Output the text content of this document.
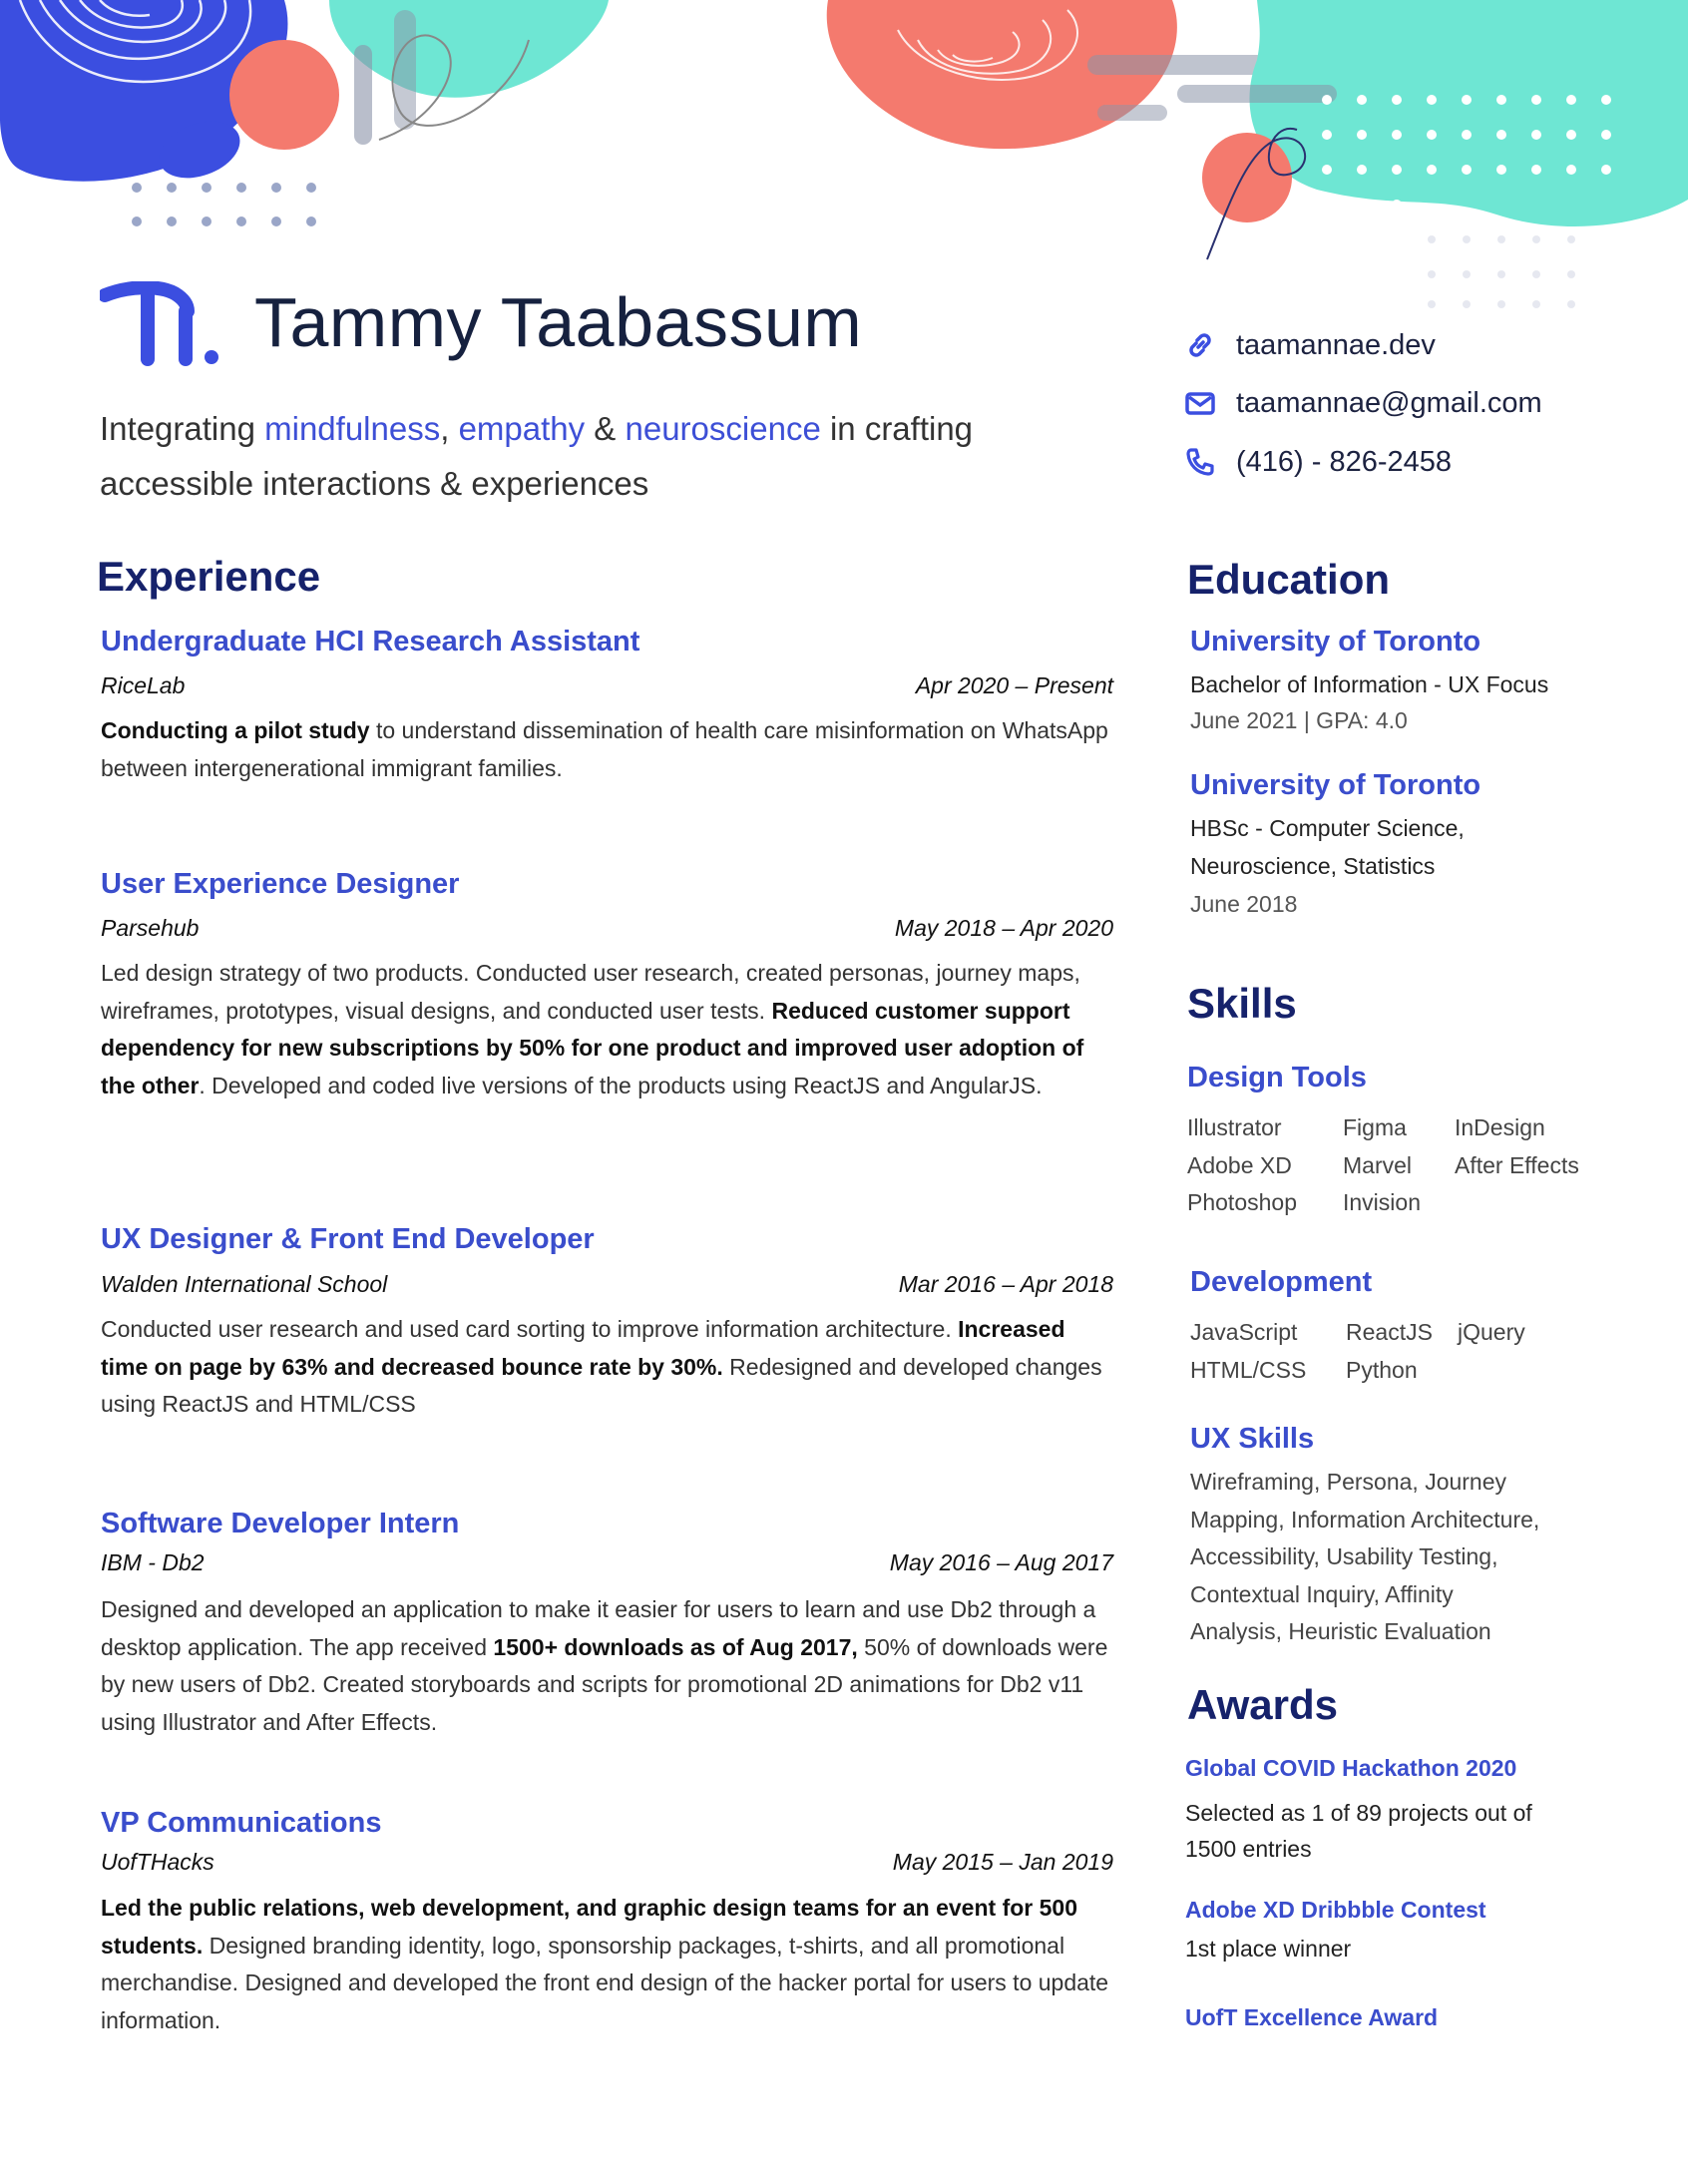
Tammy Taabassum
Integrating mindfulness, empathy & neuroscience in crafting accessible interactions & experiences
taamannae.dev
taamannae@gmail.com
(416) - 826-2458
Experience
Undergraduate HCI Research Assistant
RiceLab	Apr 2020 – Present
Conducting a pilot study to understand dissemination of health care misinformation on WhatsApp between intergenerational immigrant families.
User Experience Designer
Parsehub	May 2018 – Apr 2020
Led design strategy of two products. Conducted user research, created personas, journey maps, wireframes, prototypes, visual designs, and conducted user tests. Reduced customer support dependency for new subscriptions by 50% for one product and improved user adoption of the other. Developed and coded live versions of the products using ReactJS and AngularJS.
UX Designer & Front End Developer
Walden International School	Mar 2016 – Apr 2018
Conducted user research and used card sorting to improve information architecture. Increased time on page by 63% and decreased bounce rate by 30%. Redesigned and developed changes using ReactJS and HTML/CSS
Software Developer Intern
IBM - Db2	May 2016 – Aug 2017
Designed and developed an application to make it easier for users to learn and use Db2 through a desktop application. The app received 1500+ downloads as of Aug 2017, 50% of downloads were by new users of Db2. Created storyboards and scripts for promotional 2D animations for Db2 v11 using Illustrator and After Effects.
VP Communications
UofTHacks	May 2015 – Jan 2019
Led the public relations, web development, and graphic design teams for an event for 500 students. Designed branding identity, logo, sponsorship packages, t-shirts, and all promotional merchandise. Designed and developed the front end design of the hacker portal for users to update information.
Education
University of Toronto
Bachelor of Information - UX Focus
June 2021 | GPA: 4.0
University of Toronto
HBSc - Computer Science,
Neuroscience, Statistics
June 2018
Skills
Design Tools
Illustrator	Figma	InDesign
Adobe XD	Marvel	After Effects
Photoshop	Invision
Development
JavaScript	ReactJS	jQuery
HTML/CSS	Python
UX Skills
Wireframing, Persona, Journey
Mapping, Information Architecture,
Accessibility, Usability Testing,
Contextual Inquiry, Affinity
Analysis, Heuristic Evaluation
Awards
Global COVID Hackathon 2020
Selected as 1 of 89 projects out of
1500 entries
Adobe XD Dribbble Contest
1st place winner
UofT Excellence Award
